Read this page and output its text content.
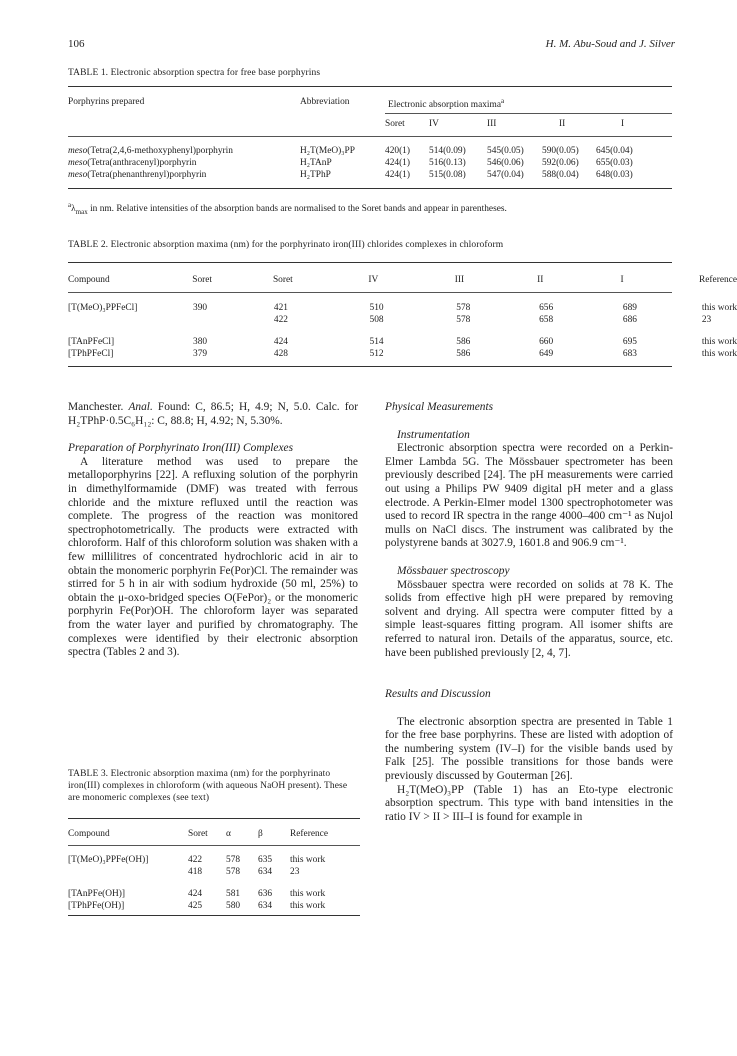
106	H. M. Abu-Soud and J. Silver
TABLE 1. Electronic absorption spectra for free base porphyrins
Porphyrins prepared	Abbreviation	Electronic absorption maxima$^a$
Soret	IV	III	II	I
meso(Tetra(2,4,6-methoxyphenyl)porphyrin	H₂T(MeO)₃PP	420(1)	514(0.09)	545(0.05)	590(0.05)	645(0.04)
meso(Tetra(anthracenyl)porphyrin	H₂TAnP	424(1)	516(0.13)	546(0.06)	592(0.06)	655(0.03)
meso(Tetra(phenanthrenyl)porphyrin	H₂TPhP	424(1)	515(0.08)	547(0.04)	588(0.04)	648(0.03)
$^a\lambda_{max}$ in nm. Relative intensities of the absorption bands are normalised to the Soret bands and appear in parentheses.
TABLE 2. Electronic absorption maxima (nm) for the porphyrinato iron(III) chlorides complexes in chloroform
Compound	Soret	Soret	IV	III	II	I	Reference
[T(MeO)₃PPFeCl]	390	421	510	578	656	689	this work
		422	508	578	658	686	23

[TAnPFeCl]	380	424	514	586	660	695	this work
[TPhPFeCl]	379	428	512	586	649	683	this work

Manchester. Anal. Found: C, 86.5; H, 4.9; N, 5.0. Calc. for H₂TPhP·0.5C₆H₁₂: C, 88.8; H, 4.92; N, 5.30%.

Preparation of Porphyrinato Iron(III) Complexes

A literature method was used to prepare the metalloporphyrins [22]. A refluxing solution of the porphyrin in dimethylformamide (DMF) was treated with ferrous chloride and the mixture refluxed until the reaction was complete. The progress of the reaction was monitored spectrophotometrically. The products were extracted with chloroform. Half of this chloroform solution was shaken with a few millilitres of concentrated hydrochloric acid in air to obtain the monomeric porphyrin Fe(Por)Cl. The remainder was stirred for 5 h in air with sodium hydroxide (50 ml, 25%) to obtain the μ-oxo-bridged species O(FePor)₂ or the monomeric porphyrin Fe(Por)OH. The chloroform layer was separated from the water layer and purified by chromatography. The complexes were identified by their electronic absorption spectra (Tables 2 and 3).

TABLE 3. Electronic absorption maxima (nm) for the porphyrinato iron(III) complexes in chloroform (with aqueous NaOH present). These are monomeric complexes (see text)
Compound	Soret	α	β	Reference
[T(MeO)₃PPFe(OH)]	422	578	635	this work
	418	578	634	23

[TAnPFe(OH)]	424	581	636	this work
[TPhPFe(OH)]	425	580	634	this work
Physical Measurements
Instrumentation

Electronic absorption spectra were recorded on a Perkin-Elmer Lambda 5G. The Mössbauer spectrometer has been previously described [24]. The pH measurements were carried out using a Philips PW 9409 digital pH meter and a glass electrode. A Perkin-Elmer model 1300 spectrophotometer was used to record IR spectra in the range 4000–400 cm⁻¹ as Nujol mulls on NaCl discs. The instrument was calibrated by the polystyrene bands at 3027.9, 1601.8 and 906.9 cm⁻¹.

Mössbauer spectroscopy

Mössbauer spectra were recorded on solids at 78 K. The solids from effective high pH were prepared by removing solvent and drying. All spectra were computer fitted by a simple least-squares fitting program. All isomer shifts are referred to natural iron. Details of the apparatus, source, etc. have been published previously [2, 4, 7].

Results and Discussion

The electronic absorption spectra are presented in Table 1 for the free base porphyrins. These are listed with adoption of the numbering system (IV–I) for the visible bands used by Falk [25]. The possible transitions for those bands were previously discussed by Gouterman [26].

H₂T(MeO)₃PP (Table 1) has an Eto-type electronic absorption spectrum. This type with band intensities in the ratio IV > II > III–I is found for example in
